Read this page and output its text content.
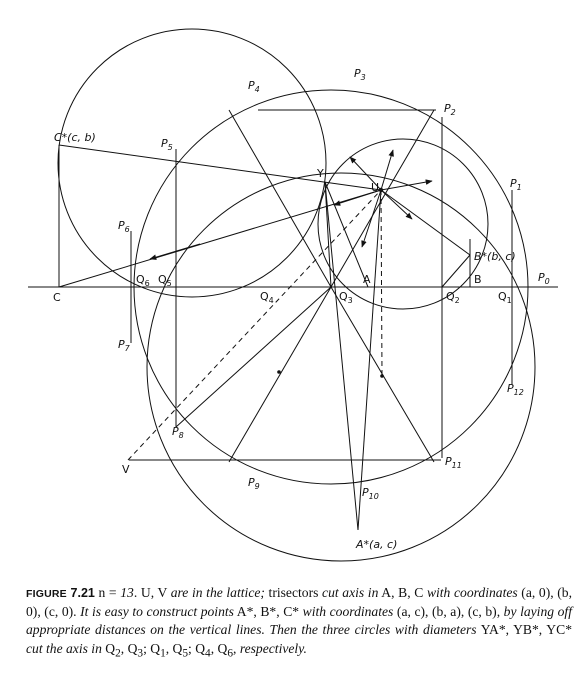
$P_0$
$P_1$
$P_2$
$P_3$
$P_4$
$P_5$
$P_6$
$P_7$
$P_8$
$P_9$	$P_{10}$
$P_{11}$
$P_{12}$
$Q_1$
$Q_2$
$Q_3$
$Q_4$
$Q_5$
$Q_6$	A	B
C
U
V
Y
C*(c, b)
B*(b, c)
A*(a, c)
FIGURE 7.21 n = 13. U, V are in the lattice; trisectors cut axis in A, B, C with coordinates (a, 0), (b, 0), (c, 0). It is easy to construct points A*, B*, C* with coordinates (a, c), (b, a), (c, b), by laying off appropriate distances on the vertical lines. Then the three circles with diameters YA*, YB*, YC* cut the axis in $Q_2$, $Q_3$; $Q_1$, $Q_5$; $Q_4$, $Q_6$, respectively.
